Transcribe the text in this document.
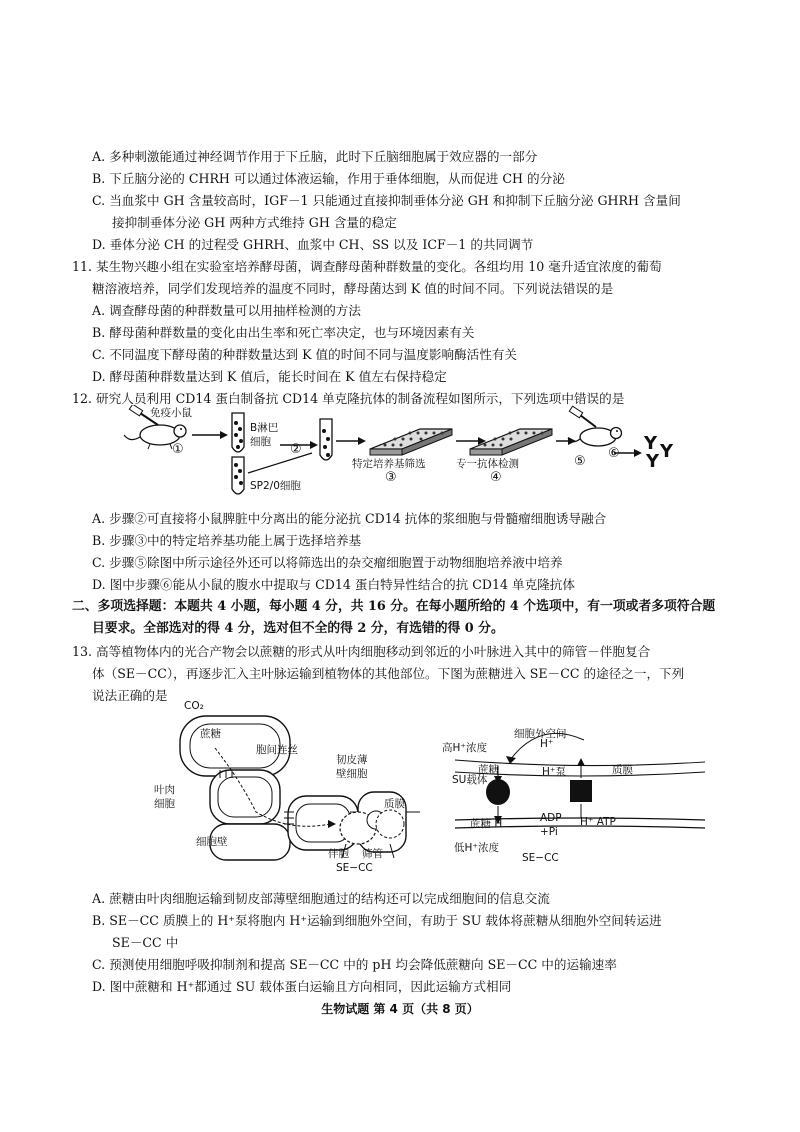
A. 多种刺激能通过神经调节作用于下丘脑，此时下丘脑细胞属于效应器的一部分
B. 下丘脑分泌的 CHRH 可以通过体液运输，作用于垂体细胞，从而促进 CH 的分泌
C. 当血浆中 GH 含量较高时，IGF－1 只能通过直接抑制垂体分泌 GH 和抑制下丘脑分泌 GHRH 含量间
接抑制垂体分泌 GH 两种方式维持 GH 含量的稳定
D. 垂体分泌 CH 的过程受 GHRH、血浆中 CH、SS 以及 ICF－1 的共同调节
11. 某生物兴趣小组在实验室培养酵母菌，调查酵母菌种群数量的变化。各组均用 10 毫升适宜浓度的葡萄
糖溶液培养，同学们发现培养的温度不同时，酵母菌达到 K 值的时间不同。下列说法错误的是
A. 调查酵母菌的种群数量可以用抽样检测的方法
B. 酵母菌种群数量的变化由出生率和死亡率决定，也与环境因素有关
C. 不同温度下酵母菌的种群数量达到 K 值的时间不同与温度影响酶活性有关
D. 酵母菌种群数量达到 K 值后，能长时间在 K 值左右保持稳定
12. 研究人员利用 CD14 蛋白制备抗 CD14 单克隆抗体的制备流程如图所示，下列选项中错误的是
Y Y
Y
免疫小鼠
①
B淋巴
细胞 ②
SP2/0细胞
特定培养基筛选
③
专一抗体检测
④
⑤
⑥
A. 步骤②可直接将小鼠脾脏中分离出的能分泌抗 CD14 抗体的浆细胞与骨髓瘤细胞诱导融合
B. 步骤③中的特定培养基功能上属于选择培养基
C. 步骤⑤除图中所示途径外还可以将筛选出的杂交瘤细胞置于动物细胞培养液中培养
D. 图中步骤⑥能从小鼠的腹水中提取与 CD14 蛋白特异性结合的抗 CD14 单克隆抗体
二、多项选择题：本题共 4 小题，每小题 4 分，共 16 分。在每小题所给的 4 个选项中，有一项或者多项符合题
目要求。全部选对的得 4 分，选对但不全的得 2 分，有选错的得 0 分。
13. 高等植物体内的光合产物会以蔗糖的形式从叶肉细胞移动到邻近的小叶脉进入其中的筛管－伴胞复合
体（SE－CC），再逐步汇入主叶脉运输到植物体的其他部位。下图为蔗糖进入 SE－CC 的途径之一，下列
说法正确的是
CO₂
蔗糖
胞间连丝
叶肉
细胞
韧皮薄
壁细胞
质膜
细胞壁
伴胞 筛管
SE−CC
高H⁺浓度
细胞外空间
H⁺
SU载体
蔗糖	H⁺泵	质膜
蔗糖 H	ADP
+Pi
H⁺ ATP
低H⁺浓度
SE−CC
A. 蔗糖由叶肉细胞运输到韧皮部薄壁细胞通过的结构还可以完成细胞间的信息交流
B. SE－CC 质膜上的 H⁺泵将胞内 H⁺运输到细胞外空间，有助于 SU 载体将蔗糖从细胞外空间转运进
SE－CC 中
C. 预测使用细胞呼吸抑制剂和提高 SE－CC 中的 pH 均会降低蔗糖向 SE－CC 中的运输速率
D. 图中蔗糖和 H⁺都通过 SU 载体蛋白运输且方向相同，因此运输方式相同
生物试题 第 4 页（共 8 页）
